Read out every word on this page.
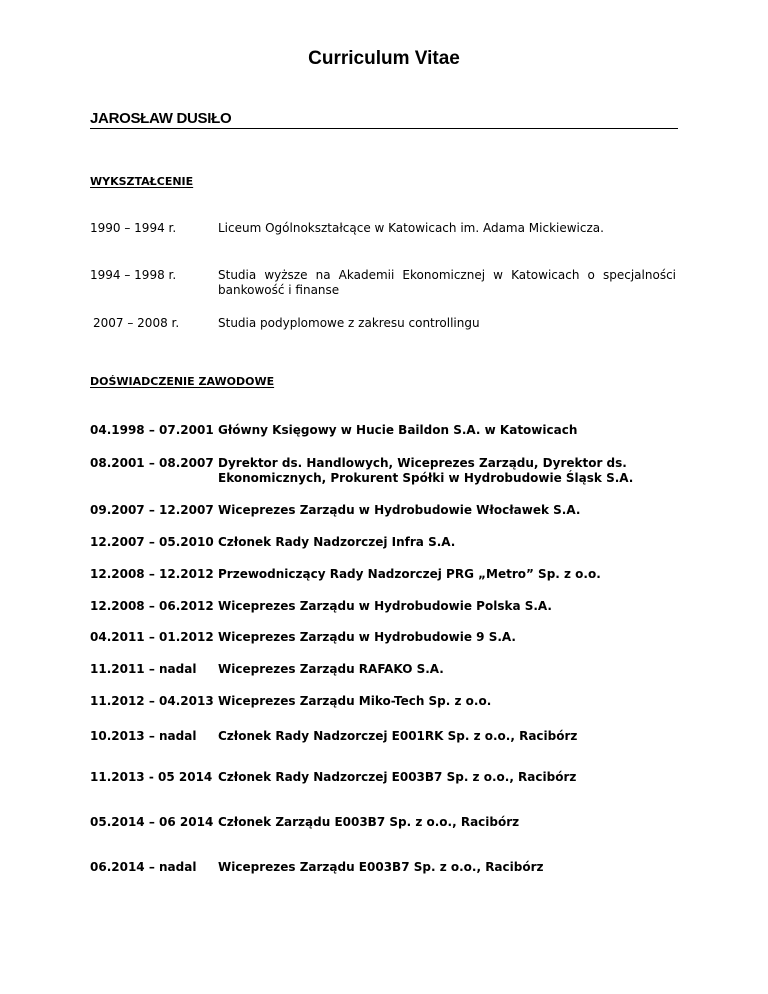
Curriculum Vitae
JAROSŁAW DUSIŁO
WYKSZTAŁCENIE
1990 – 1994 r.	Liceum Ogólnokształcące w Katowicach im. Adama Mickiewicza.
1994 – 1998 r.	Studia wyższe na Akademii Ekonomicznej w Katowicach o specjalności bankowość i finanse
2007 – 2008 r.	Studia podyplomowe z zakresu controllingu
DOŚWIADCZENIE ZAWODOWE
04.1998 – 07.2001 Główny Księgowy w Hucie Baildon S.A. w Katowicach
08.2001 – 08.2007 Dyrektor ds. Handlowych, Wiceprezes Zarządu, Dyrektor ds. Ekonomicznych, Prokurent Spółki w Hydrobudowie Śląsk S.A.
09.2007 – 12.2007 Wiceprezes Zarządu w Hydrobudowie Włocławek S.A.
12.2007 – 05.2010 Członek Rady Nadzorczej Infra S.A.
12.2008 – 12.2012 Przewodniczący Rady Nadzorczej PRG „Metro” Sp. z o.o.
12.2008 – 06.2012 Wiceprezes Zarządu w Hydrobudowie Polska S.A.
04.2011 – 01.2012 Wiceprezes Zarządu w Hydrobudowie 9 S.A.
11.2011 – nadal Wiceprezes Zarządu RAFAKO S.A.
11.2012 – 04.2013 Wiceprezes Zarządu Miko-Tech Sp. z o.o.
10.2013 – nadal Członek Rady Nadzorczej E001RK Sp. z o.o., Racibórz
11.2013 - 05 2014 Członek Rady Nadzorczej E003B7 Sp. z o.o., Racibórz
05.2014 – 06 2014 Członek Zarządu E003B7 Sp. z o.o., Racibórz
06.2014 – nadal Wiceprezes Zarządu E003B7 Sp. z o.o., Racibórz
